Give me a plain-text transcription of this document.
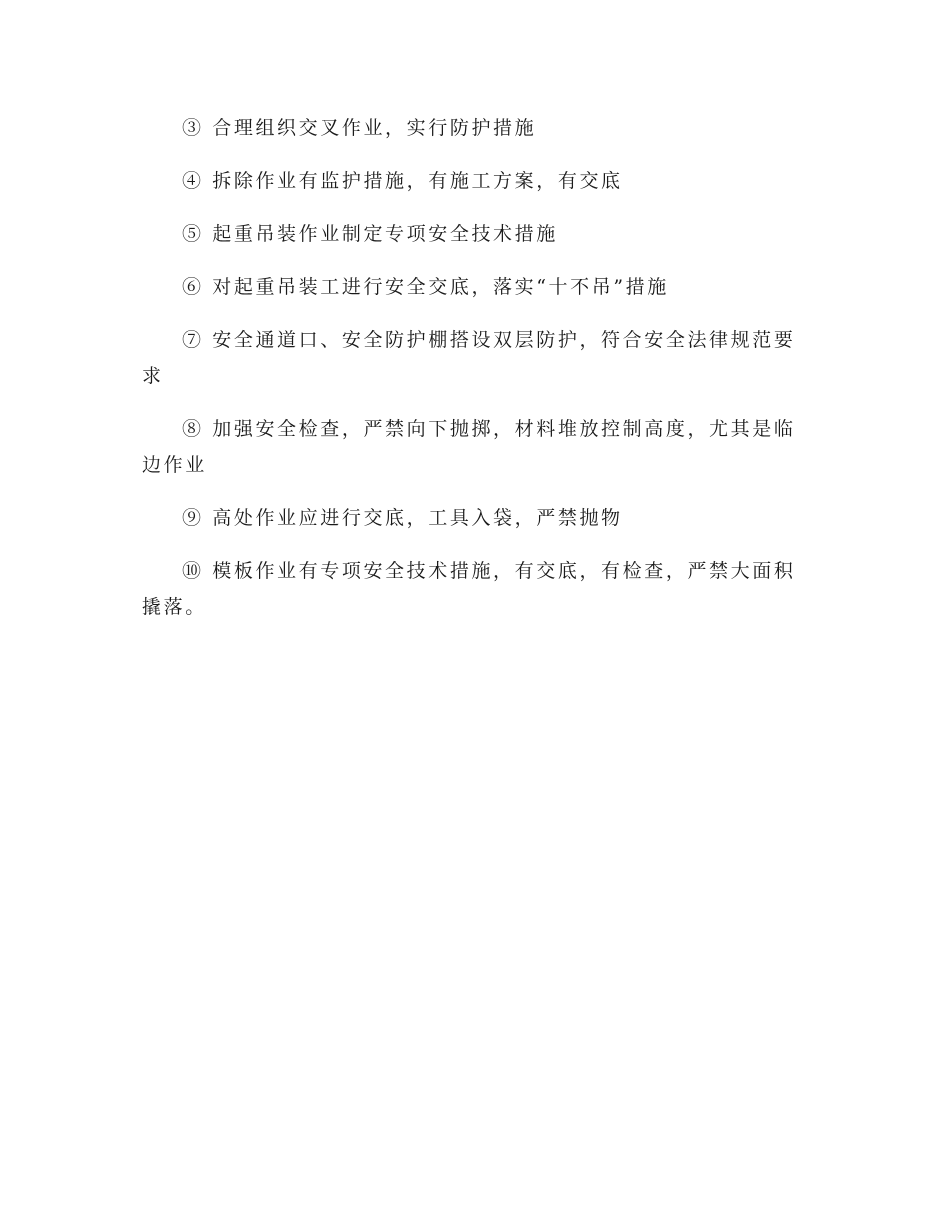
③ 合理组织交叉作业，实行防护措施

④ 拆除作业有监护措施，有施工方案，有交底

⑤ 起重吊装作业制定专项安全技术措施

⑥ 对起重吊装工进行安全交底，落实“十不吊”措施

⑦ 安全通道口、安全防护棚搭设双层防护，符合安全法律规范要求

⑧ 加强安全检查，严禁向下抛掷，材料堆放控制高度，尤其是临边作业

⑨ 高处作业应进行交底，工具入袋，严禁抛物

⑩ 模板作业有专项安全技术措施，有交底，有检查，严禁大面积撬落。
